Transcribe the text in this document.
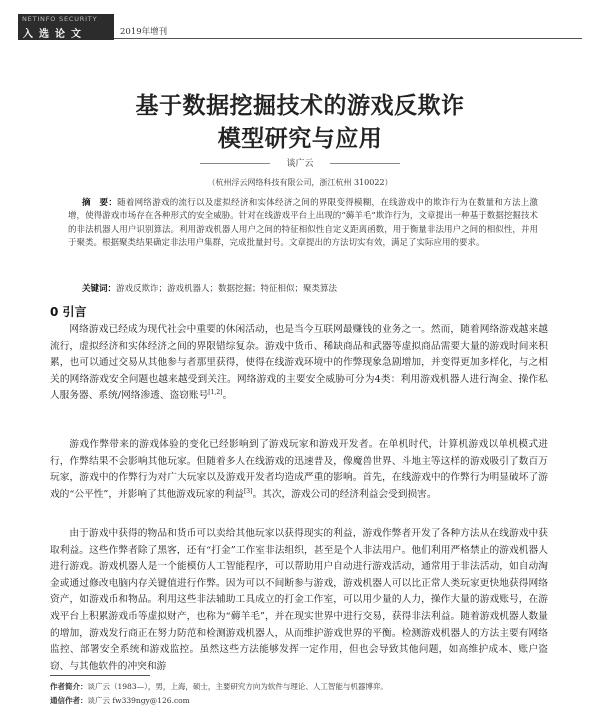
NETINFO SECURITY
入选论文	2019年增刊
基于数据挖掘技术的游戏反欺诈
模型研究与应用
谈广云
（杭州浮云网络科技有限公司，浙江杭州 310022）
摘　要：随着网络游戏的流行以及虚拟经济和实体经济之间的界限变得模糊，在线游戏中的欺诈行为在数量和方法上激增，使得游戏市场存在各种形式的安全威胁。针对在线游戏平台上出现的“薅羊毛”欺诈行为，文章提出一种基于数据挖掘技术的非法机器人用户识别算法。利用游戏机器人用户之间的特征相似性自定义距离函数，用于衡量非法用户之间的相似性，并用于聚类。根据聚类结果确定非法用户集群，完成批量封号。文章提出的方法切实有效，满足了实际应用的要求。
关键词：游戏反欺诈；游戏机器人；数据挖掘；特征相似；聚类算法
0 引言

网络游戏已经成为现代社会中重要的休闲活动，也是当今互联网最赚钱的业务之一。然而，随着网络游戏越来越流行，虚拟经济和实体经济之间的界限错综复杂。游戏中货币、稀缺商品和武器等虚拟商品需要大量的游戏时间来积累，也可以通过交易从其他参与者那里获得，使得在线游戏环境中的作弊现象急剧增加，并变得更加多样化，与之相关的网络游戏安全问题也越来越受到关注。网络游戏的主要安全威胁可分为4类：利用游戏机器人进行淘金、操作私人服务器、系统/网络渗透、盗窃账号[1,2]。

游戏作弊带来的游戏体验的变化已经影响到了游戏玩家和游戏开发者。在单机时代，计算机游戏以单机模式进行，作弊结果不会影响其他玩家。但随着多人在线游戏的迅速普及，像魔兽世界、斗地主等这样的游戏吸引了数百万玩家，游戏中的作弊行为对广大玩家以及游戏开发者均造成严重的影响。首先，在线游戏中的作弊行为明显破坏了游戏的“公平性”，并影响了其他游戏玩家的利益[3]。其次，游戏公司的经济利益会受到损害。

由于游戏中获得的物品和货币可以卖给其他玩家以获得现实的利益，游戏作弊者开发了各种方法从在线游戏中获取利益。这些作弊者除了黑客，还有“打金”工作室非法组织，甚至是个人非法用户。他们利用严格禁止的游戏机器人进行游戏。游戏机器人是一个能模仿人工智能程序，可以帮助用户自动进行游戏活动，通常用于非法活动，如自动淘金或通过修改电脑内存关键值进行作弊。因为可以不间断参与游戏，游戏机器人可以比正常人类玩家更快地获得网络资产，如游戏币和物品。利用这些非法辅助工具成立的打金工作室，可以用少量的人力，操作大量的游戏账号，在游戏平台上积累游戏币等虚拟财产，也称为“薅羊毛”，并在现实世界中进行交易，获得非法利益。随着游戏机器人数量的增加，游戏发行商正在努力防范和检测游戏机器人，从而维护游戏世界的平衡。检测游戏机器人的方法主要有网络监控、部署安全系统和游戏监控。虽然这些方法能够发挥一定作用，但也会导致其他问题，如高维护成本、账户盗窃、与其他软件的冲突和游

作者简介：谈广云（1983—），男，上海，硕士，主要研究方向为软件与理论、人工智能与机器博弈。
通信作者：谈广云 fw339ngy@126.com
